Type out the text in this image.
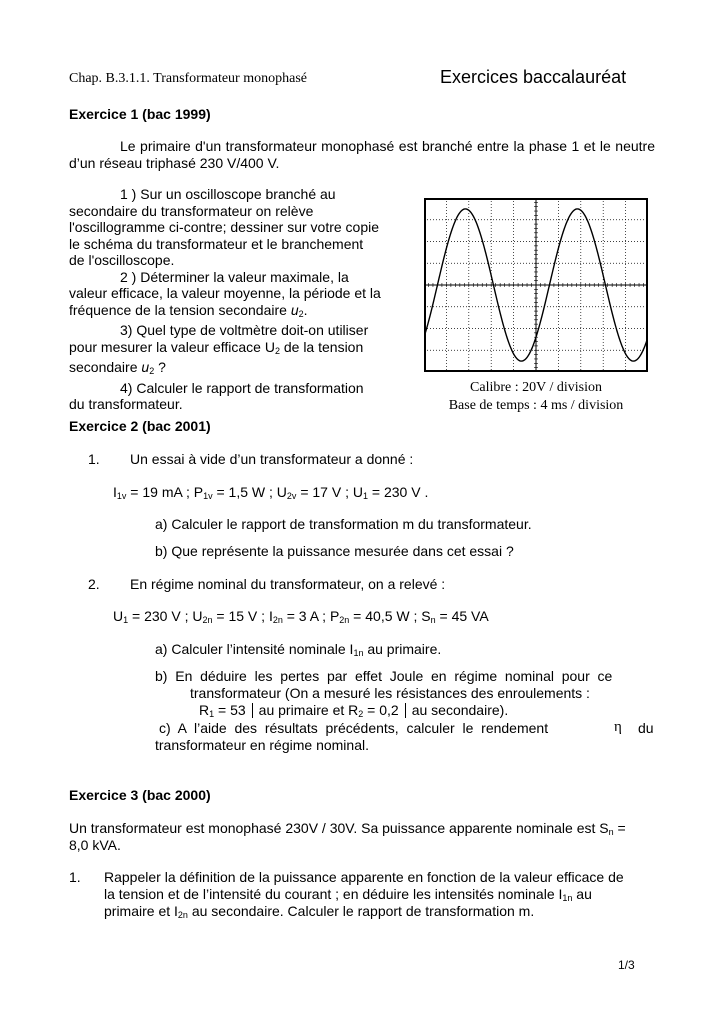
Chap. B.3.1.1. Transformateur monophasé	Exercices baccalauréat
Exercice 1 (bac 1999)
Le primaire d'un transformateur monophasé est branché entre la phase 1 et le neutre d’un réseau triphasé 230 V/400 V.
1 ) Sur un oscilloscope branché au secondaire du transformateur on relève l'oscillogramme ci-contre; dessiner sur votre copie le schéma du transformateur et le branchement de l'oscilloscope.
2 ) Déterminer la valeur maximale, la valeur efficace, la valeur moyenne, la période et la fréquence de la tension secondaire $u_2$.
3) Quel type de voltmètre doit-on utiliser pour mesurer la valeur efficace $U_2$ de la tension secondaire $u_2$ ?
4) Calculer le rapport de transformation du transformateur.
Calibre : 20V / division
Base de temps : 4 ms / division
Exercice 2 (bac 2001)
1. Un essai à vide d’un transformateur a donné :
$I_{1v} = 19$ mA ; $P_{1v} = 1,5$ W ; $U_{2v} = 17$ V ; $U_1 = 230$ V .
a) Calculer le rapport de transformation m du transformateur.
b) Que représente la puissance mesurée dans cet essai ?
2. En régime nominal du transformateur, on a relevé :
$U_1 = 230$ V ; $U_{2n} = 15$ V ; $I_{2n} = 3$ A ; $P_{2n} = 40,5$ W ; $S_n = 45$ VA
a) Calculer l’intensité nominale $I_{1n}$ au primaire.
b)  En  déduire  les  pertes  par  effet  Joule  en  régime  nominal  pour  ce
transformateur (On a mesuré les résistances des enroulements :
$R_1 = 53$ au primaire et $R_2 = 0,2$ au secondaire).
c)  A  l’aide  des  résultats  précédents,  calculer  le  rendement	η du
transformateur en régime nominal.
Exercice 3 (bac 2000)
Un transformateur est monophasé 230V / 30V. Sa puissance apparente nominale est $S_n$ =
8,0 kVA.
1. Rappeler la définition de la puissance apparente en fonction de la valeur efficace de
la tension et de l’intensité du courant ; en déduire les intensités nominale $I_{1n}$ au
primaire et $I_{2n}$ au secondaire. Calculer le rapport de transformation m.
1/3
